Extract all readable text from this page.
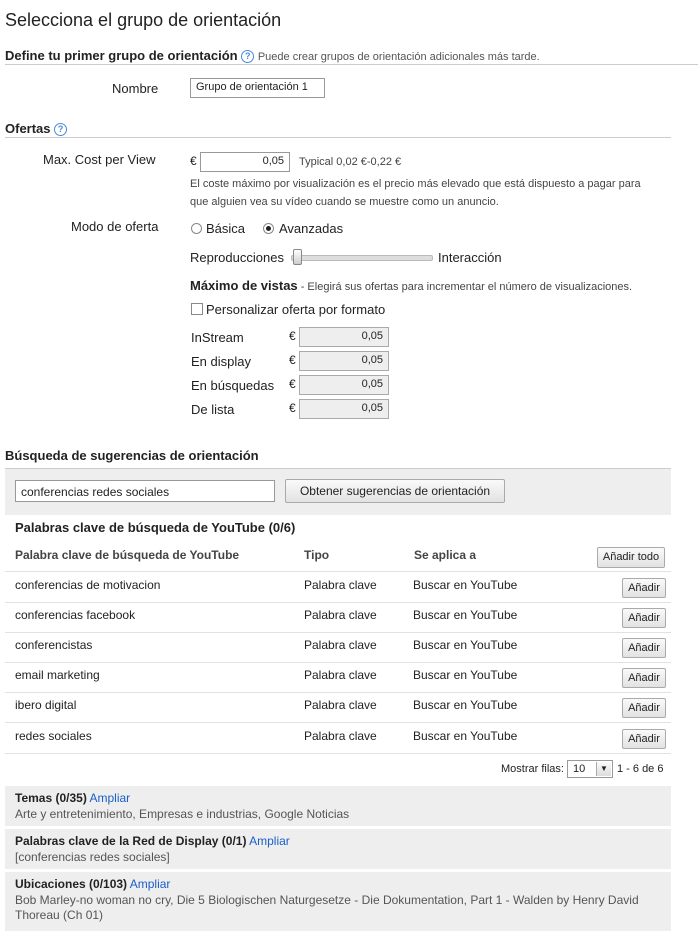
Selecciona el grupo de orientación
Define tu primer grupo de orientación ? Puede crear grupos de orientación adicionales más tarde.
Nombre	Grupo de orientación 1
Ofertas ?
Max. Cost per View	€	0,05	Typical 0,02 €-0,22 €
El coste máximo por visualización es el precio más elevado que está dispuesto a pagar para
que alguien vea su vídeo cuando se muestre como un anuncio.
Modo de oferta	Básica	Avanzadas
Reproducciones	Interacción
Máximo de vistas - Elegirá sus ofertas para incrementar el número de visualizaciones.
Personalizar oferta por formato
InStream	€	0,05
En display	€	0,05
En búsquedas €	0,05
De lista	€	0,05
Búsqueda de sugerencias de orientación
conferencias redes sociales	Obtener sugerencias de orientación
Palabras clave de búsqueda de YouTube (0/6)
Palabra clave de búsqueda de YouTube	Tipo	Se aplica a	Añadir todo
conferencias de motivacion	Palabra clave	Buscar en YouTube	Añadir
conferencias facebook	Palabra clave	Buscar en YouTube	Añadir
conferencistas	Palabra clave	Buscar en YouTube	Añadir
email marketing	Palabra clave	Buscar en YouTube	Añadir
ibero digital	Palabra clave	Buscar en YouTube	Añadir
redes sociales	Palabra clave	Buscar en YouTube	Añadir
Mostrar filas: 10	▼ 1 - 6 de 6
Temas (0/35) Ampliar
Arte y entretenimiento, Empresas e industrias, Google Noticias
Palabras clave de la Red de Display (0/1) Ampliar
[conferencias redes sociales]
Ubicaciones (0/103) Ampliar
Bob Marley-no woman no cry, Die 5 Biologischen Naturgesetze - Die Dokumentation, Part 1 - Walden by Henry David
Thoreau (Ch 01)
